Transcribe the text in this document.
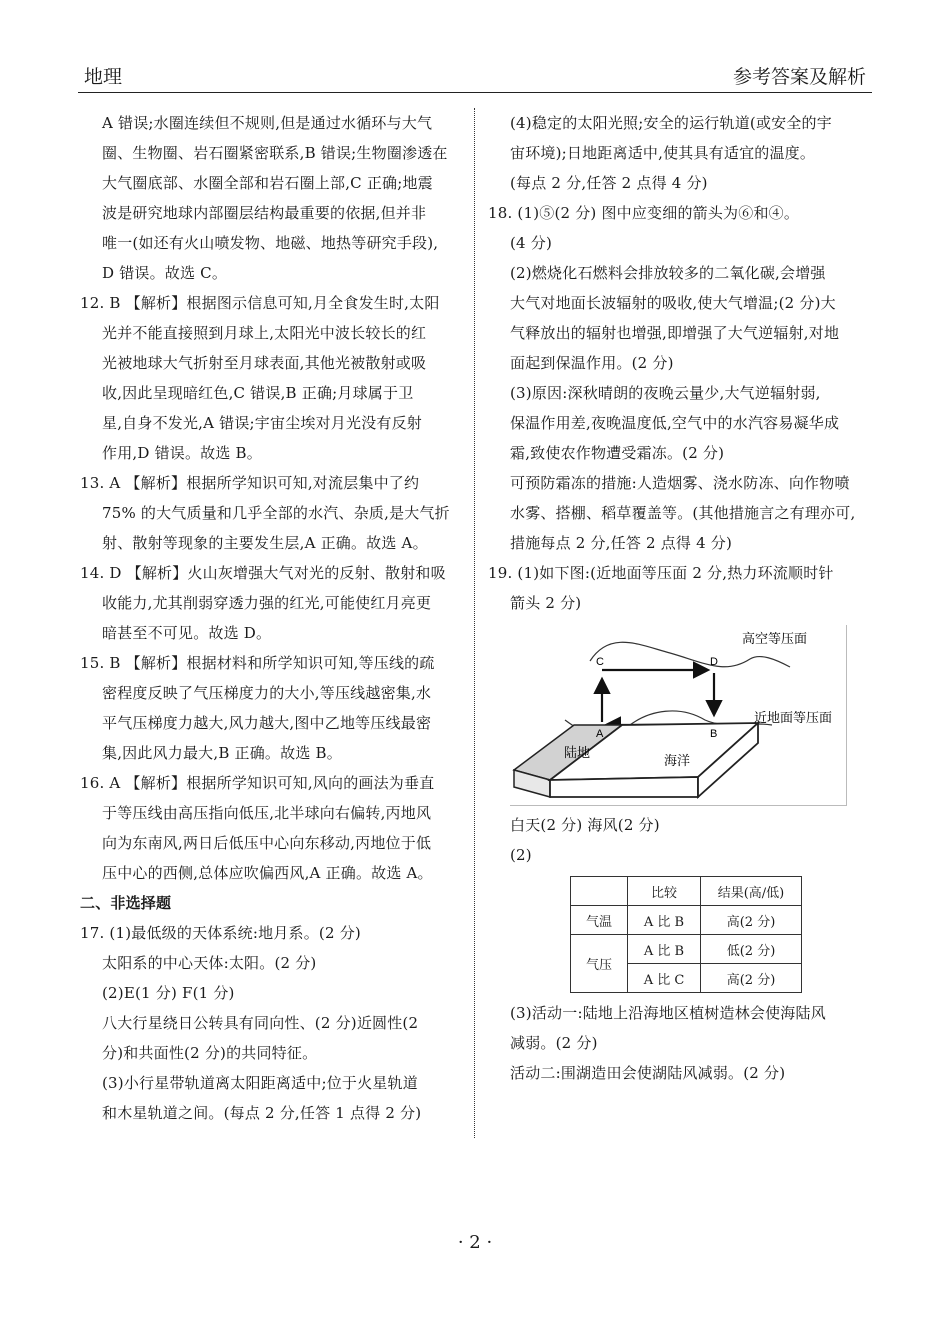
地理	参考答案及解析
A 错误;水圈连续但不规则,但是通过水循环与大气
圈、生物圈、岩石圈紧密联系,B 错误;生物圈渗透在
大气圈底部、水圈全部和岩石圈上部,C 正确;地震
波是研究地球内部圈层结构最重要的依据,但并非
唯一(如还有火山喷发物、地磁、地热等研究手段),
D 错误。故选 C。
12. B 【解析】根据图示信息可知,月全食发生时,太阳
光并不能直接照到月球上,太阳光中波长较长的红
光被地球大气折射至月球表面,其他光被散射或吸
收,因此呈现暗红色,C 错误,B 正确;月球属于卫
星,自身不发光,A 错误;宇宙尘埃对月光没有反射
作用,D 错误。故选 B。
13. A 【解析】根据所学知识可知,对流层集中了约
75% 的大气质量和几乎全部的水汽、杂质,是大气折
射、散射等现象的主要发生层,A 正确。故选 A。
14. D 【解析】火山灰增强大气对光的反射、散射和吸
收能力,尤其削弱穿透力强的红光,可能使红月亮更
暗甚至不可见。故选 D。
15. B 【解析】根据材料和所学知识可知,等压线的疏
密程度反映了气压梯度力的大小,等压线越密集,水
平气压梯度力越大,风力越大,图中乙地等压线最密
集,因此风力最大,B 正确。故选 B。
16. A 【解析】根据所学知识可知,风向的画法为垂直
于等压线由高压指向低压,北半球向右偏转,丙地风
向为东南风,两日后低压中心向东移动,丙地位于低
压中心的西侧,总体应吹偏西风,A 正确。故选 A。
二、非选择题
17. (1)最低级的天体系统:地月系。(2 分)
太阳系的中心天体:太阳。(2 分)
(2)E(1 分) F(1 分)
八大行星绕日公转具有同向性、(2 分)近圆性(2
分)和共面性(2 分)的共同特征。
(3)小行星带轨道离太阳距离适中;位于火星轨道
和木星轨道之间。(每点 2 分,任答 1 点得 2 分)
(4)稳定的太阳光照;安全的运行轨道(或安全的宇
宙环境);日地距离适中,使其具有适宜的温度。
(每点 2 分,任答 2 点得 4 分)
18. (1)⑤(2 分) 图中应变细的箭头为⑥和④。
(4 分)
(2)燃烧化石燃料会排放较多的二氧化碳,会增强
大气对地面长波辐射的吸收,使大气增温;(2 分)大
气释放出的辐射也增强,即增强了大气逆辐射,对地
面起到保温作用。(2 分)
(3)原因:深秋晴朗的夜晚云量少,大气逆辐射弱,
保温作用差,夜晚温度低,空气中的水汽容易凝华成
霜,致使农作物遭受霜冻。(2 分)
可预防霜冻的措施:人造烟雾、浇水防冻、向作物喷
水雾、搭棚、稻草覆盖等。(其他措施言之有理亦可,
措施每点 2 分,任答 2 点得 4 分)
19. (1)如下图:(近地面等压面 2 分,热力环流顺时针
箭头 2 分)
C	D
A	B
高空等压面
近地面等压面
陆地
海洋
白天(2 分) 海风(2 分)
(2)
	比较	结果(高/低)
气温	A 比 B	高(2 分)
气压	A 比 B	低(2 分)
	A 比 C	高(2 分)
(3)活动一:陆地上沿海地区植树造林会使海陆风
减弱。(2 分)
活动二:围湖造田会使湖陆风减弱。(2 分)
· 2 ·
